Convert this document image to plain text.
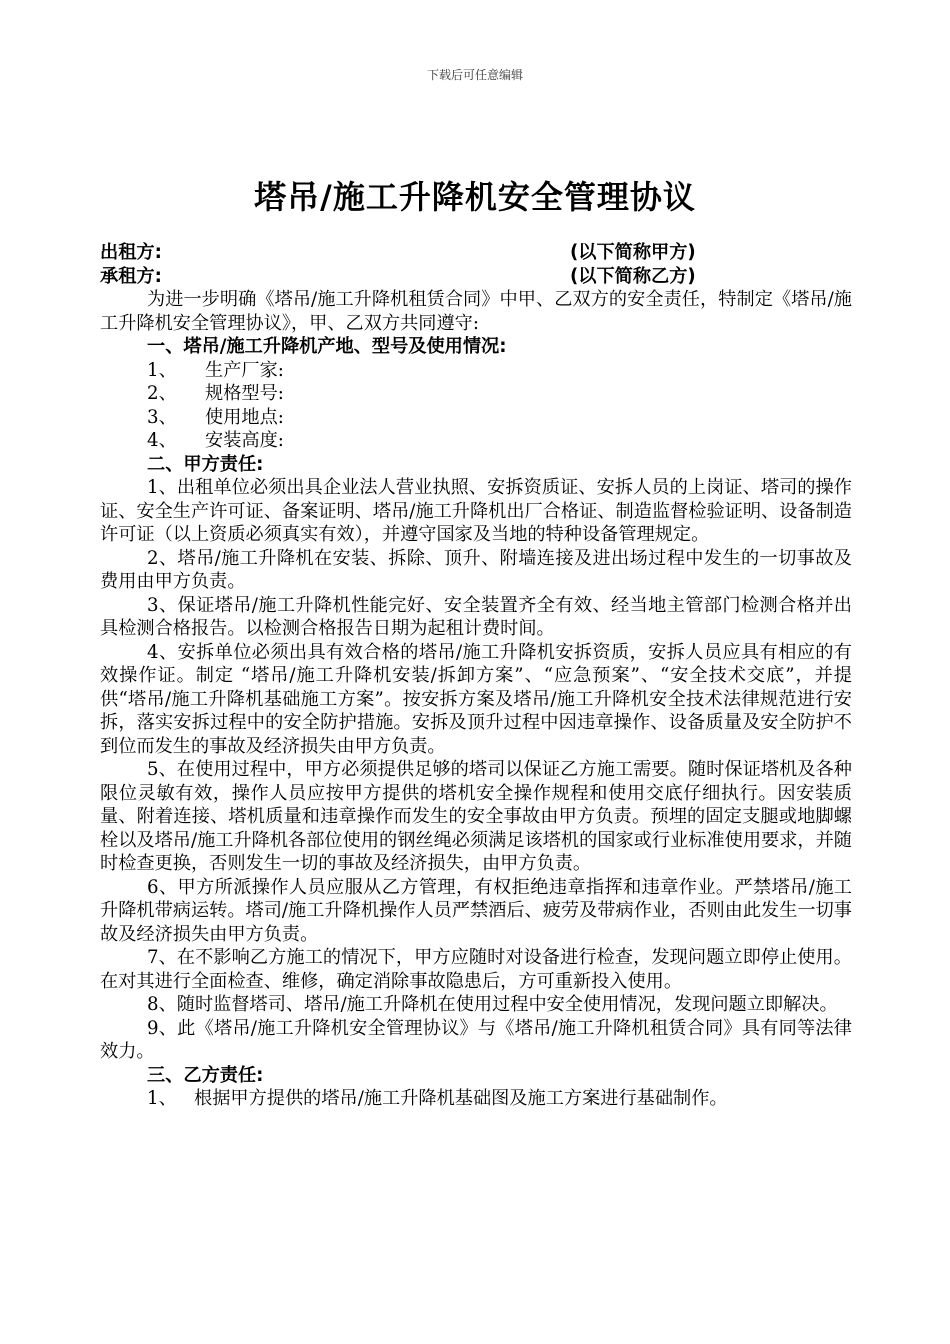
下载后可任意编辑
塔吊/施工升降机安全管理协议
出租方:	(以下简称甲方)
承租方:	(以下简称乙方)
为进一步明确《塔吊/施工升降机租赁合同》中甲、乙双方的安全责任，特制定《塔吊/施工升降机安全管理协议》，甲、乙双方共同遵守:
一、塔吊/施工升降机产地、型号及使用情况:
1、 生产厂家:
2、 规格型号:
3、 使用地点:
4、 安装高度:
二、甲方责任:
1、出租单位必须出具企业法人营业执照、安拆资质证、安拆人员的上岗证、塔司的操作证、安全生产许可证、备案证明、塔吊/施工升降机出厂合格证、制造监督检验证明、设备制造许可证（以上资质必须真实有效），并遵守国家及当地的特种设备管理规定。
2、塔吊/施工升降机在安装、拆除、顶升、附墙连接及进出场过程中发生的一切事故及费用由甲方负责。
3、保证塔吊/施工升降机性能完好、安全装置齐全有效、经当地主管部门检测合格并出具检测合格报告。以检测合格报告日期为起租计费时间。
4、安拆单位必须出具有效合格的塔吊/施工升降机安拆资质，安拆人员应具有相应的有效操作证。制定 “塔吊/施工升降机安装/拆卸方案”、“应急预案”、“安全技术交底”，并提供“塔吊/施工升降机基础施工方案”。按安拆方案及塔吊/施工升降机安全技术法律规范进行安拆，落实安拆过程中的安全防护措施。安拆及顶升过程中因违章操作、设备质量及安全防护不到位而发生的事故及经济损失由甲方负责。
5、在使用过程中，甲方必须提供足够的塔司以保证乙方施工需要。随时保证塔机及各种限位灵敏有效，操作人员应按甲方提供的塔机安全操作规程和使用交底仔细执行。因安装质量、附着连接、塔机质量和违章操作而发生的安全事故由甲方负责。预埋的固定支腿或地脚螺栓以及塔吊/施工升降机各部位使用的钢丝绳必须满足该塔机的国家或行业标准使用要求，并随时检查更换，否则发生一切的事故及经济损失，由甲方负责。
6、甲方所派操作人员应服从乙方管理，有权拒绝违章指挥和违章作业。严禁塔吊/施工升降机带病运转。塔司/施工升降机操作人员严禁酒后、疲劳及带病作业，否则由此发生一切事故及经济损失由甲方负责。
7、在不影响乙方施工的情况下，甲方应随时对设备进行检查，发现问题立即停止使用。在对其进行全面检查、维修，确定消除事故隐患后，方可重新投入使用。
8、随时监督塔司、塔吊/施工升降机在使用过程中安全使用情况，发现问题立即解决。
9、此《塔吊/施工升降机安全管理协议》与《塔吊/施工升降机租赁合同》具有同等法律效力。
三、乙方责任:
1、 根据甲方提供的塔吊/施工升降机基础图及施工方案进行基础制作。
